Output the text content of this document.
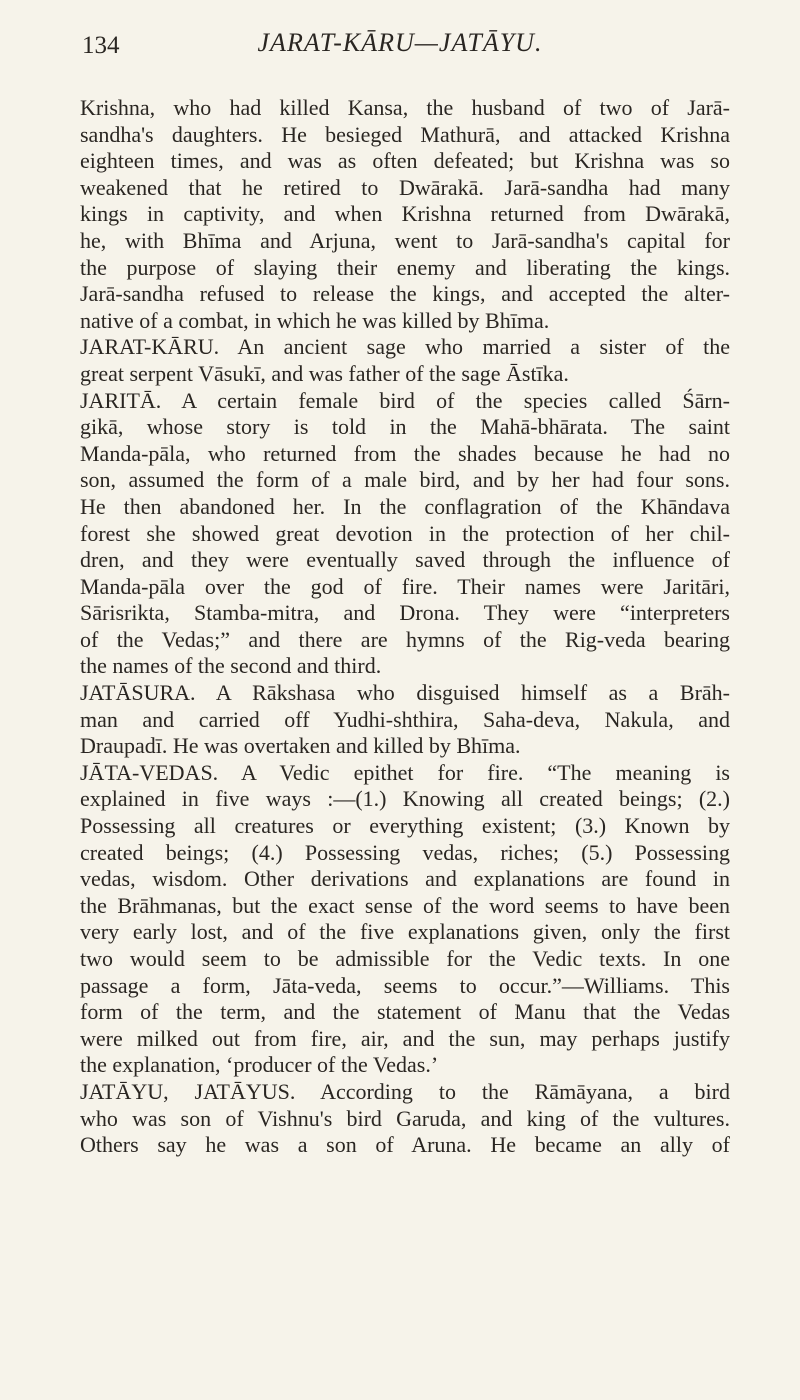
134	JARAT-KĀRU—JATĀYU.
Krishna, who had killed Kansa, the husband of two of Jarā-
sandha's daughters. He besieged Mathurā, and attacked Krishna
eighteen times, and was as often defeated; but Krishna was so
weakened that he retired to Dwārakā. Jarā-sandha had many
kings in captivity, and when Krishna returned from Dwārakā,
he, with Bhīma and Arjuna, went to Jarā-sandha's capital for
the purpose of slaying their enemy and liberating the kings.
Jarā-sandha refused to release the kings, and accepted the alter-
native of a combat, in which he was killed by Bhīma.
JARAT-KĀRU. An ancient sage who married a sister of the
great serpent Vāsukī, and was father of the sage Āstīka.
JARITĀ. A certain female bird of the species called Śārn-
gikā, whose story is told in the Mahā-bhārata. The saint
Manda-pāla, who returned from the shades because he had no
son, assumed the form of a male bird, and by her had four sons.
He then abandoned her. In the conflagration of the Khāndava
forest she showed great devotion in the protection of her chil-
dren, and they were eventually saved through the influence of
Manda-pāla over the god of fire. Their names were Jaritāri,
Sārisrikta, Stamba-mitra, and Drona. They were “interpreters
of the Vedas;” and there are hymns of the Rig-veda bearing
the names of the second and third.
JATĀSURA. A Rākshasa who disguised himself as a Brāh-
man and carried off Yudhi-shthira, Saha-deva, Nakula, and
Draupadī. He was overtaken and killed by Bhīma.
JĀTA-VEDAS. A Vedic epithet for fire. “The meaning is
explained in five ways :—(1.) Knowing all created beings; (2.)
Possessing all creatures or everything existent; (3.) Known by
created beings; (4.) Possessing vedas, riches; (5.) Possessing
vedas, wisdom. Other derivations and explanations are found in
the Brāhmanas, but the exact sense of the word seems to have been
very early lost, and of the five explanations given, only the first
two would seem to be admissible for the Vedic texts. In one
passage a form, Jāta-veda, seems to occur.”—Williams. This
form of the term, and the statement of Manu that the Vedas
were milked out from fire, air, and the sun, may perhaps justify
the explanation, ‘producer of the Vedas.’
JATĀYU, JATĀYUS. According to the Rāmāyana, a bird
who was son of Vishnu's bird Garuda, and king of the vultures.
Others say he was a son of Aruna. He became an ally of
